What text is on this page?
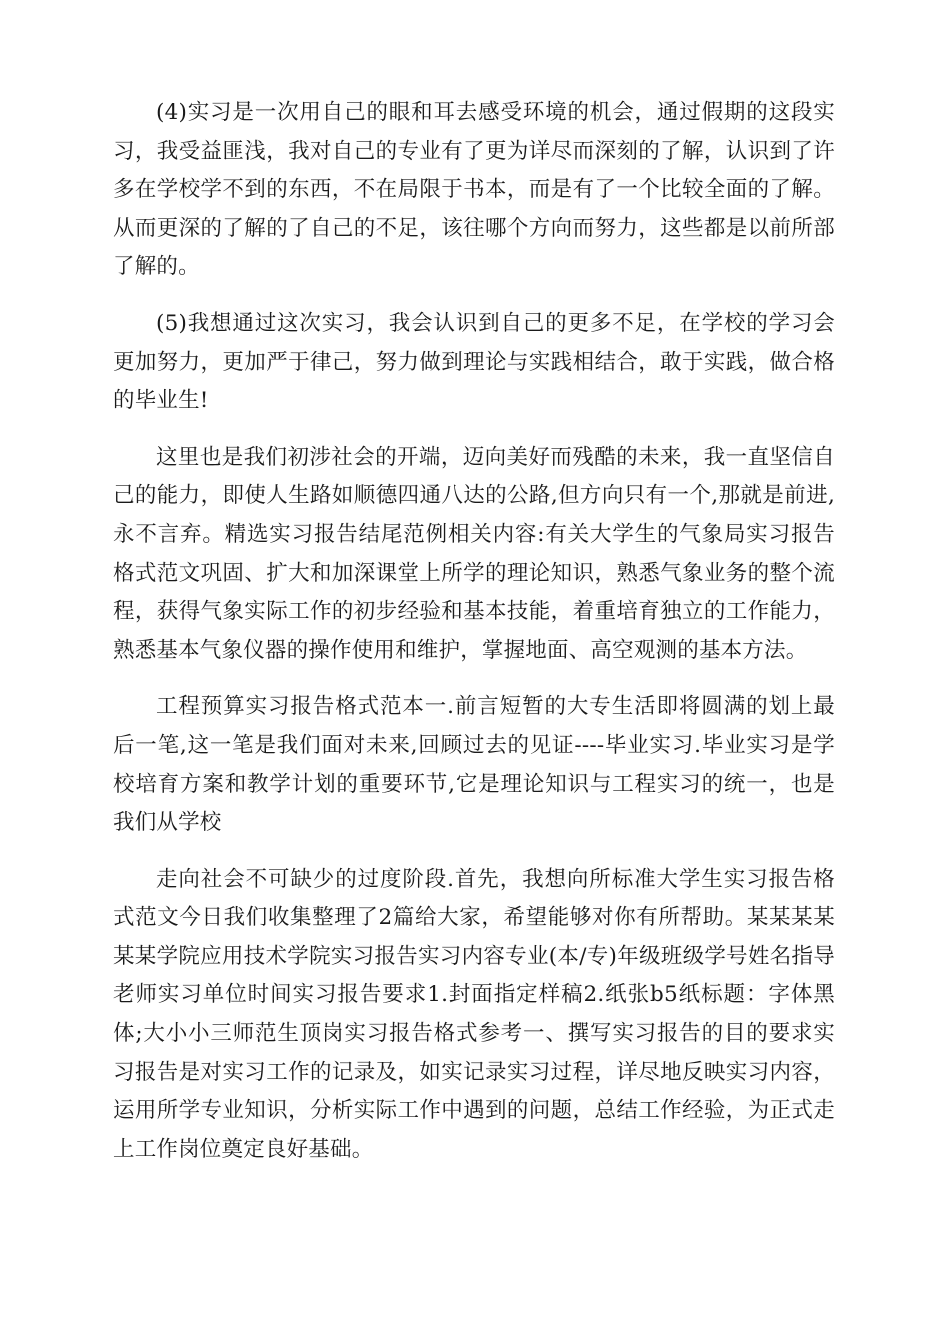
(4)实习是一次用自己的眼和耳去感受环境的机会，通过假期的这段实习，我受益匪浅，我对自己的专业有了更为详尽而深刻的了解，认识到了许多在学校学不到的东西，不在局限于书本，而是有了一个比较全面的了解。从而更深的了解的了自己的不足，该往哪个方向而努力，这些都是以前所部了解的。

(5)我想通过这次实习，我会认识到自己的更多不足，在学校的学习会更加努力，更加严于律己，努力做到理论与实践相结合，敢于实践，做合格的毕业生!

这里也是我们初涉社会的开端，迈向美好而残酷的未来，我一直坚信自己的能力，即使人生路如顺德四通八达的公路,但方向只有一个,那就是前进,永不言弃。精选实习报告结尾范例相关内容:有关大学生的气象局实习报告格式范文巩固、扩大和加深课堂上所学的理论知识，熟悉气象业务的整个流程，获得气象实际工作的初步经验和基本技能，着重培育独立的工作能力，熟悉基本气象仪器的操作使用和维护，掌握地面、高空观测的基本方法。

工程预算实习报告格式范本一.前言短暂的大专生活即将圆满的划上最后一笔,这一笔是我们面对未来,回顾过去的见证----毕业实习.毕业实习是学校培育方案和教学计划的重要环节,它是理论知识与工程实习的统一，也是我们从学校

走向社会不可缺少的过度阶段.首先，我想向所标准大学生实习报告格式范文今日我们收集整理了2篇给大家，希望能够对你有所帮助。某某某某某某学院应用技术学院实习报告实习内容专业(本/专)年级班级学号姓名指导老师实习单位时间实习报告要求1.封面指定样稿2.纸张b5纸标题：字体黑体;大小小三师范生顶岗实习报告格式参考一、撰写实习报告的目的要求实习报告是对实习工作的记录及，如实记录实习过程，详尽地反映实习内容，运用所学专业知识，分析实际工作中遇到的问题，总结工作经验，为正式走上工作岗位奠定良好基础。
